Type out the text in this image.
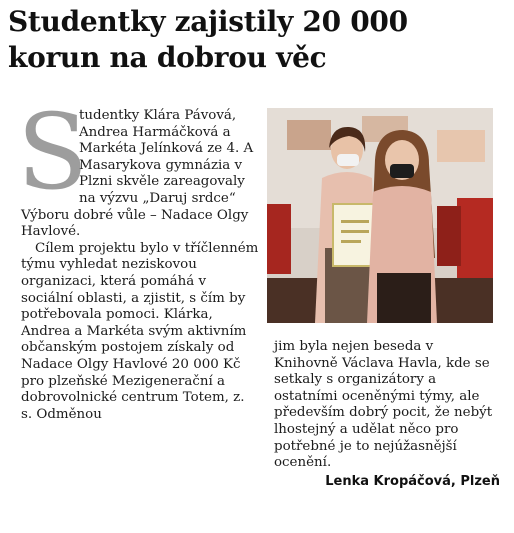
Studentky zajistily 20 000 korun na dobrou věc
S

tudentky Klára Pávová, Andrea Harmáčková a Markéta Jelínková ze 4. A Masarykova gymnázia v Plzni skvěle zareagovaly na výzvu „Daruj srdce“ Výboru dobré vůle – Nadace Olgy Havlové.

Cílem projektu bylo v tříčlenném týmu vyhledat neziskovou organizaci, která pomáhá v sociální oblasti, a zjistit, s čím by potřebovala pomoci. Klárka, Andrea a Markéta svým aktivním občanským postojem získaly od Nadace Olgy Havlové 20 000 Kč pro plzeňské Mezigenerační a dobrovolnické centrum Totem, z. s. Odměnou

jim byla nejen beseda v Knihovně Václava Havla, kde se setkaly s organizátory a ostatními oceněnými týmy, ale především dobrý pocit, že nebýt lhostejný a udělat něco pro potřebné je to nejúžasnější ocenění.

Lenka Kropáčová, Plzeň
